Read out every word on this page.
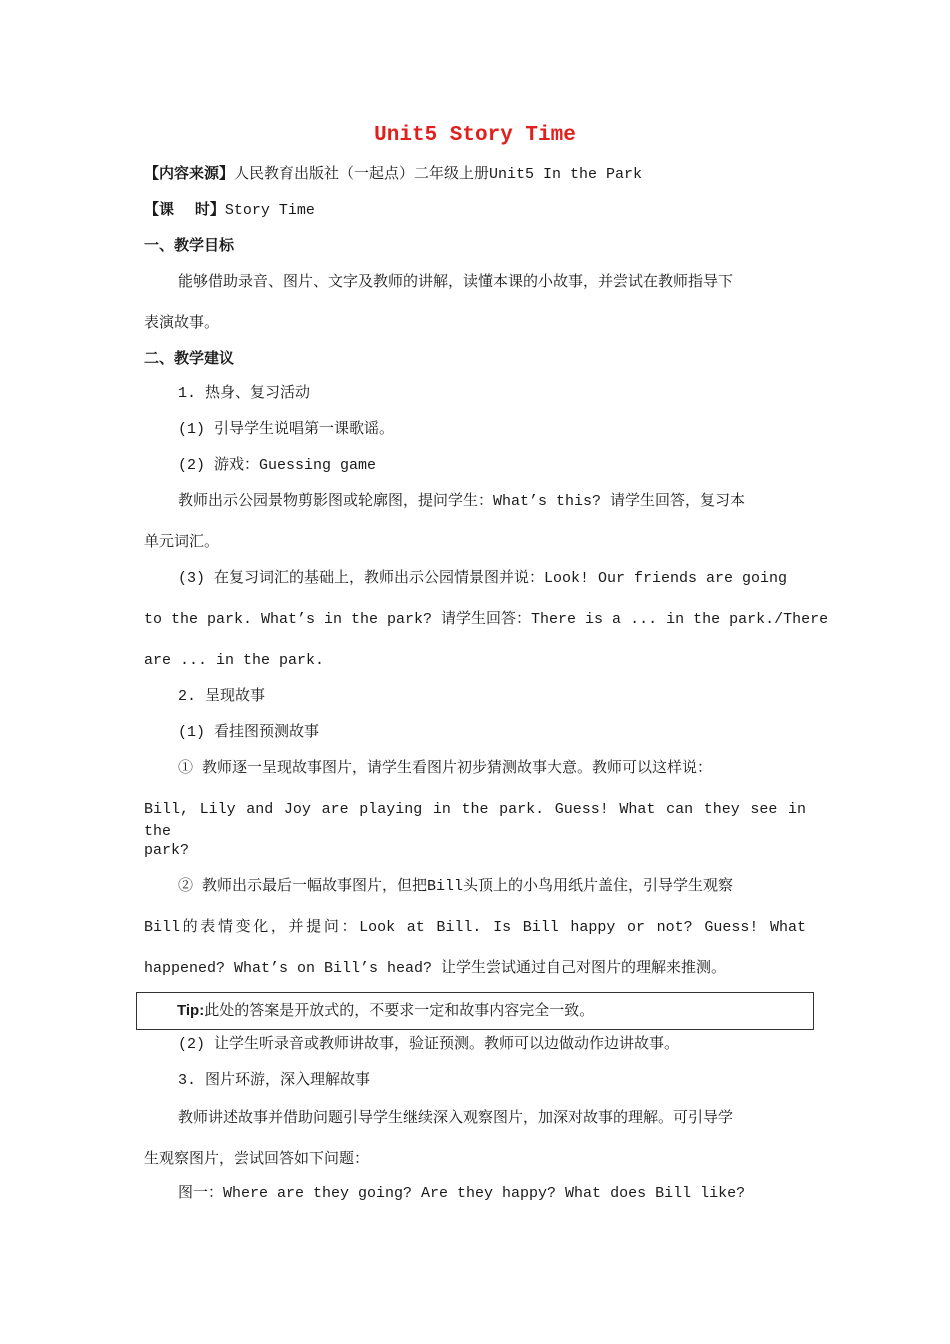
Unit5 Story Time
【内容来源】人民教育出版社（一起点）二年级上册Unit5 In the Park
【课    时】Story Time
一、教学目标
能够借助录音、图片、文字及教师的讲解，读懂本课的小故事，并尝试在教师指导下
表演故事。
二、教学建议
1. 热身、复习活动
(1) 引导学生说唱第一课歌谣。
(2) 游戏：Guessing game
教师出示公园景物剪影图或轮廓图，提问学生：What’s this? 请学生回答，复习本
单元词汇。
(3) 在复习词汇的基础上，教师出示公园情景图并说：Look! Our friends are going
to the park. What’s in the park? 请学生回答：There is a ... in the park./There
are ... in the park.
2. 呈现故事
(1) 看挂图预测故事
① 教师逐一呈现故事图片，请学生看图片初步猜测故事大意。教师可以这样说：
Bill, Lily and Joy are playing in the park. Guess! What can they see in the
park?
② 教师出示最后一幅故事图片，但把Bill头顶上的小鸟用纸片盖住，引导学生观察
Bill的表情变化，并提问：Look at Bill. Is Bill happy or not? Guess! What
happened? What’s on Bill’s head? 让学生尝试通过自己对图片的理解来推测。
Tip:此处的答案是开放式的，不要求一定和故事内容完全一致。
(2) 让学生听录音或教师讲故事，验证预测。教师可以边做动作边讲故事。
3. 图片环游，深入理解故事
教师讲述故事并借助问题引导学生继续深入观察图片，加深对故事的理解。可引导学
生观察图片，尝试回答如下问题：
图一：Where are they going? Are they happy? What does Bill like?
